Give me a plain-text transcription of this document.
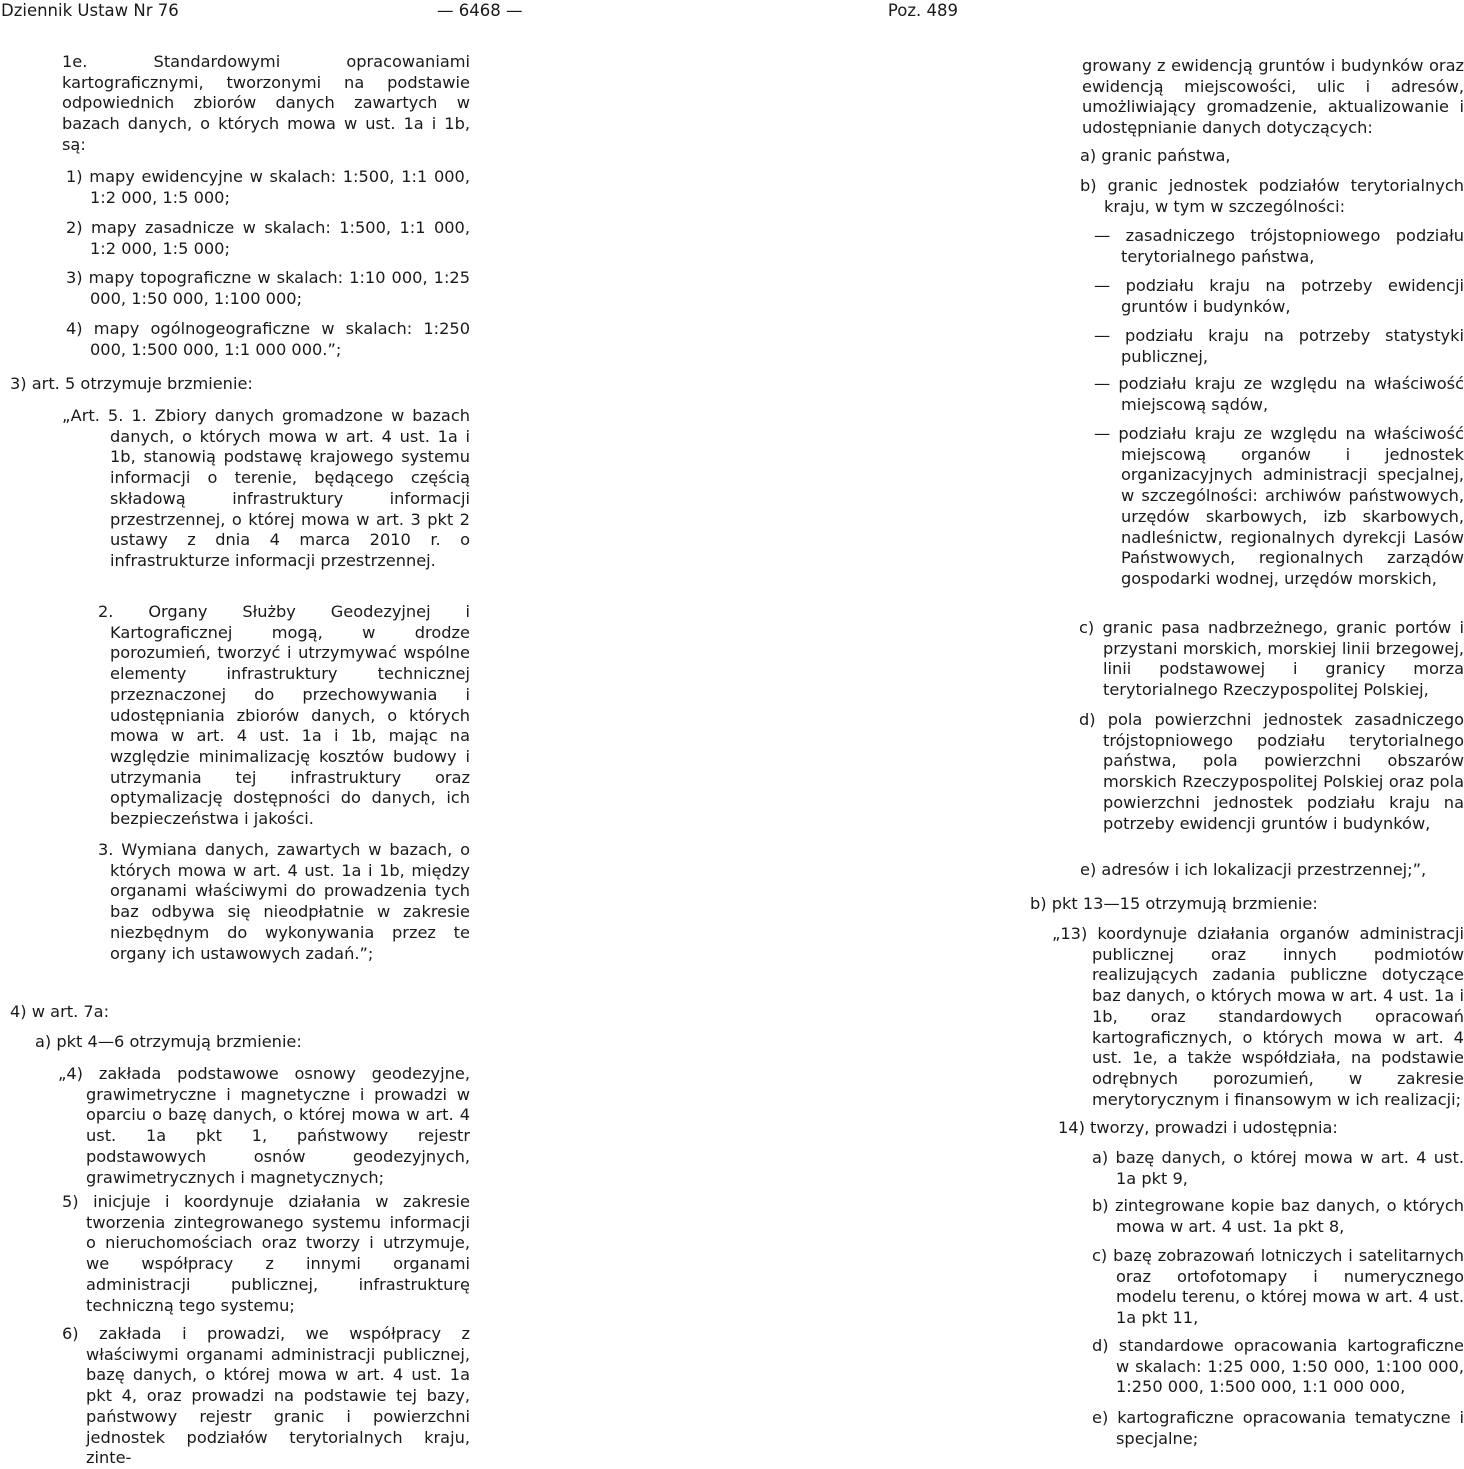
Dziennik Ustaw Nr 76	— 6468 —	Poz. 489

1e. Standardowymi opracowaniami kartograficznymi, tworzonymi na podstawie odpowiednich zbiorów danych zawartych w bazach danych, o których mowa w ust. 1a i 1b, są:

1) mapy ewidencyjne w skalach: 1:500, 1:1 000, 1:2 000, 1:5 000;

2) mapy zasadnicze w skalach: 1:500, 1:1 000, 1:2 000, 1:5 000;

3) mapy topograficzne w skalach: 1:10 000, 1:25 000, 1:50 000, 1:100 000;

4) mapy ogólnogeograficzne w skalach: 1:250 000, 1:500 000, 1:1 000 000.”;

3) art. 5 otrzymuje brzmienie:

„Art. 5. 1. Zbiory danych gromadzone w bazach danych, o których mowa w art. 4 ust. 1a i 1b, stanowią podstawę krajowego systemu informacji o terenie, będącego częścią składową infrastruktury informacji przestrzennej, o której mowa w art. 3 pkt 2 ustawy z dnia 4 marca 2010 r. o infrastrukturze informacji przestrzennej.

2. Organy Służby Geodezyjnej i Kartograficznej mogą, w drodze porozumień, tworzyć i utrzymywać wspólne elementy infrastruktury technicznej przeznaczonej do przechowywania i udostępniania zbiorów danych, o których mowa w art. 4 ust. 1a i 1b, mając na względzie minimalizację kosztów budowy i utrzymania tej infrastruktury oraz optymalizację dostępności do danych, ich bezpieczeństwa i jakości.

3. Wymiana danych, zawartych w bazach, o których mowa w art. 4 ust. 1a i 1b, między organami właściwymi do prowadzenia tych baz odbywa się nieodpłatnie w zakresie niezbędnym do wykonywania przez te organy ich ustawowych zadań.”;

4) w art. 7a:

a) pkt 4—6 otrzymują brzmienie:

„4) zakłada podstawowe osnowy geodezyjne, grawimetryczne i magnetyczne i prowadzi w oparciu o bazę danych, o której mowa w art. 4 ust. 1a pkt 1, państwowy rejestr podstawowych osnów geodezyjnych, grawimetrycznych i magnetycznych;

5) inicjuje i koordynuje działania w zakresie tworzenia zintegrowanego systemu informacji o nieruchomościach oraz tworzy i utrzymuje, we współpracy z innymi organami administracji publicznej, infrastrukturę techniczną tego systemu;

6) zakłada i prowadzi, we współpracy z właściwymi organami administracji publicznej, bazę danych, o której mowa w art. 4 ust. 1a pkt 4, oraz prowadzi na podstawie tej bazy, państwowy rejestr granic i powierzchni jednostek podziałów terytorialnych kraju, zinte-

growany z ewidencją gruntów i budynków oraz ewidencją miejscowości, ulic i adresów, umożliwiający gromadzenie, aktualizowanie i udostępnianie danych dotyczących:

a) granic państwa,

b) granic jednostek podziałów terytorialnych kraju, w tym w szczególności:

— zasadniczego trójstopniowego podziału terytorialnego państwa,

— podziału kraju na potrzeby ewidencji gruntów i budynków,

— podziału kraju na potrzeby statystyki publicznej,

— podziału kraju ze względu na właściwość miejscową sądów,

— podziału kraju ze względu na właściwość miejscową organów i jednostek organizacyjnych administracji specjalnej, w szczególności: archiwów państwowych, urzędów skarbowych, izb skarbowych, nadleśnictw, regionalnych dyrekcji Lasów Państwowych, regionalnych zarządów gospodarki wodnej, urzędów morskich,

c) granic pasa nadbrzeżnego, granic portów i przystani morskich, morskiej linii brzegowej, linii podstawowej i granicy morza terytorialnego Rzeczypospolitej Polskiej,

d) pola powierzchni jednostek zasadniczego trójstopniowego podziału terytorialnego państwa, pola powierzchni obszarów morskich Rzeczypospolitej Polskiej oraz pola powierzchni jednostek podziału kraju na potrzeby ewidencji gruntów i budynków,

e) adresów i ich lokalizacji przestrzennej;”,

b) pkt 13—15 otrzymują brzmienie:

„13) koordynuje działania organów administracji publicznej oraz innych podmiotów realizujących zadania publiczne dotyczące baz danych, o których mowa w art. 4 ust. 1a i 1b, oraz standardowych opracowań kartograficznych, o których mowa w art. 4 ust. 1e, a także współdziała, na podstawie odrębnych porozumień, w zakresie merytorycznym i finansowym w ich realizacji;

14) tworzy, prowadzi i udostępnia:

a) bazę danych, o której mowa w art. 4 ust. 1a pkt 9,

b) zintegrowane kopie baz danych, o których mowa w art. 4 ust. 1a pkt 8,

c) bazę zobrazowań lotniczych i satelitarnych oraz ortofotomapy i numerycznego modelu terenu, o której mowa w art. 4 ust. 1a pkt 11,

d) standardowe opracowania kartograficzne w skalach: 1:25 000, 1:50 000, 1:100 000, 1:250 000, 1:500 000, 1:1 000 000,

e) kartograficzne opracowania tematyczne i specjalne;
